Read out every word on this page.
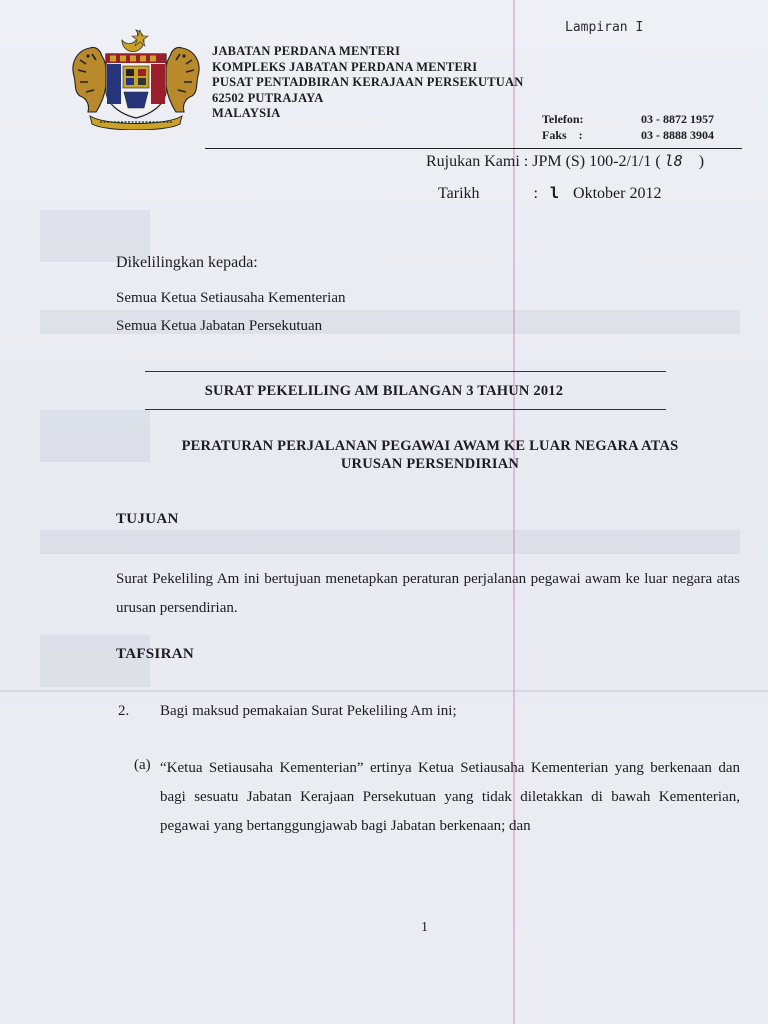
Lampiran I
JABATAN PERDANA MENTERI
KOMPLEKS JABATAN PERDANA MENTERI
PUSAT PENTADBIRAN KERAJAAN PERSEKUTUAN
62502 PUTRAJAYA
MALAYSIA	Telefon:
Faks    :
03 - 8872 1957
03 - 8888 3904
Rujukan Kami : JPM (S) 100-2/1/1 ( l8 )
Tarikh	: l Oktober 2012
Dikelilingkan kepada:
Semua Ketua Setiausaha Kementerian
Semua Ketua Jabatan Persekutuan
SURAT PEKELILING AM BILANGAN 3 TAHUN 2012
PERATURAN PERJALANAN PEGAWAI AWAM KE LUAR NEGARA ATAS
URUSAN PERSENDIRIAN
TUJUAN
Surat Pekeliling Am ini bertujuan menetapkan peraturan perjalanan pegawai awam ke luar negara atas urusan persendirian.
TAFSIRAN
2. Bagi maksud pemakaian Surat Pekeliling Am ini;
(a) “Ketua Setiausaha Kementerian” ertinya Ketua Setiausaha Kementerian yang berkenaan dan bagi sesuatu Jabatan Kerajaan Persekutuan yang tidak diletakkan di bawah Kementerian, pegawai yang bertanggungjawab bagi Jabatan berkenaan; dan
1
